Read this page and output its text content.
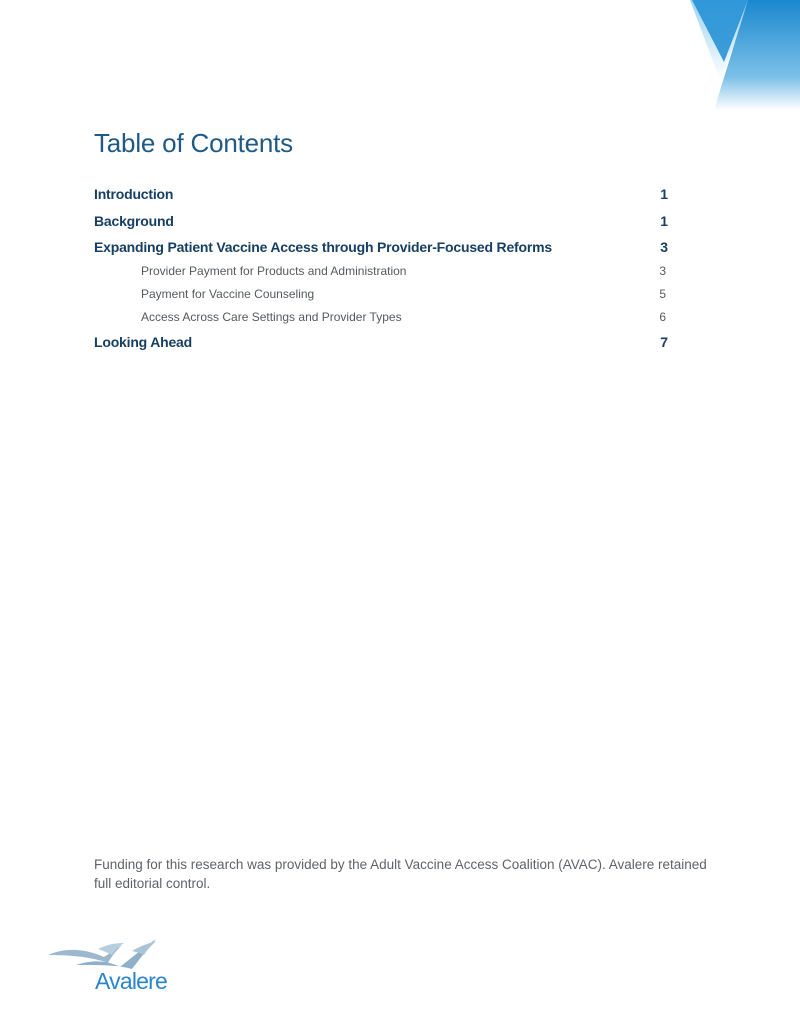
Table of Contents
Introduction	1
Background	1
Expanding Patient Vaccine Access through Provider-Focused Reforms	3
Provider Payment for Products and Administration	3
Payment for Vaccine Counseling	5
Access Across Care Settings and Provider Types	6
Looking Ahead	7

Funding for this research was provided by the Adult Vaccine Access Coalition (AVAC). Avalere retained full editorial control.

Avalere
